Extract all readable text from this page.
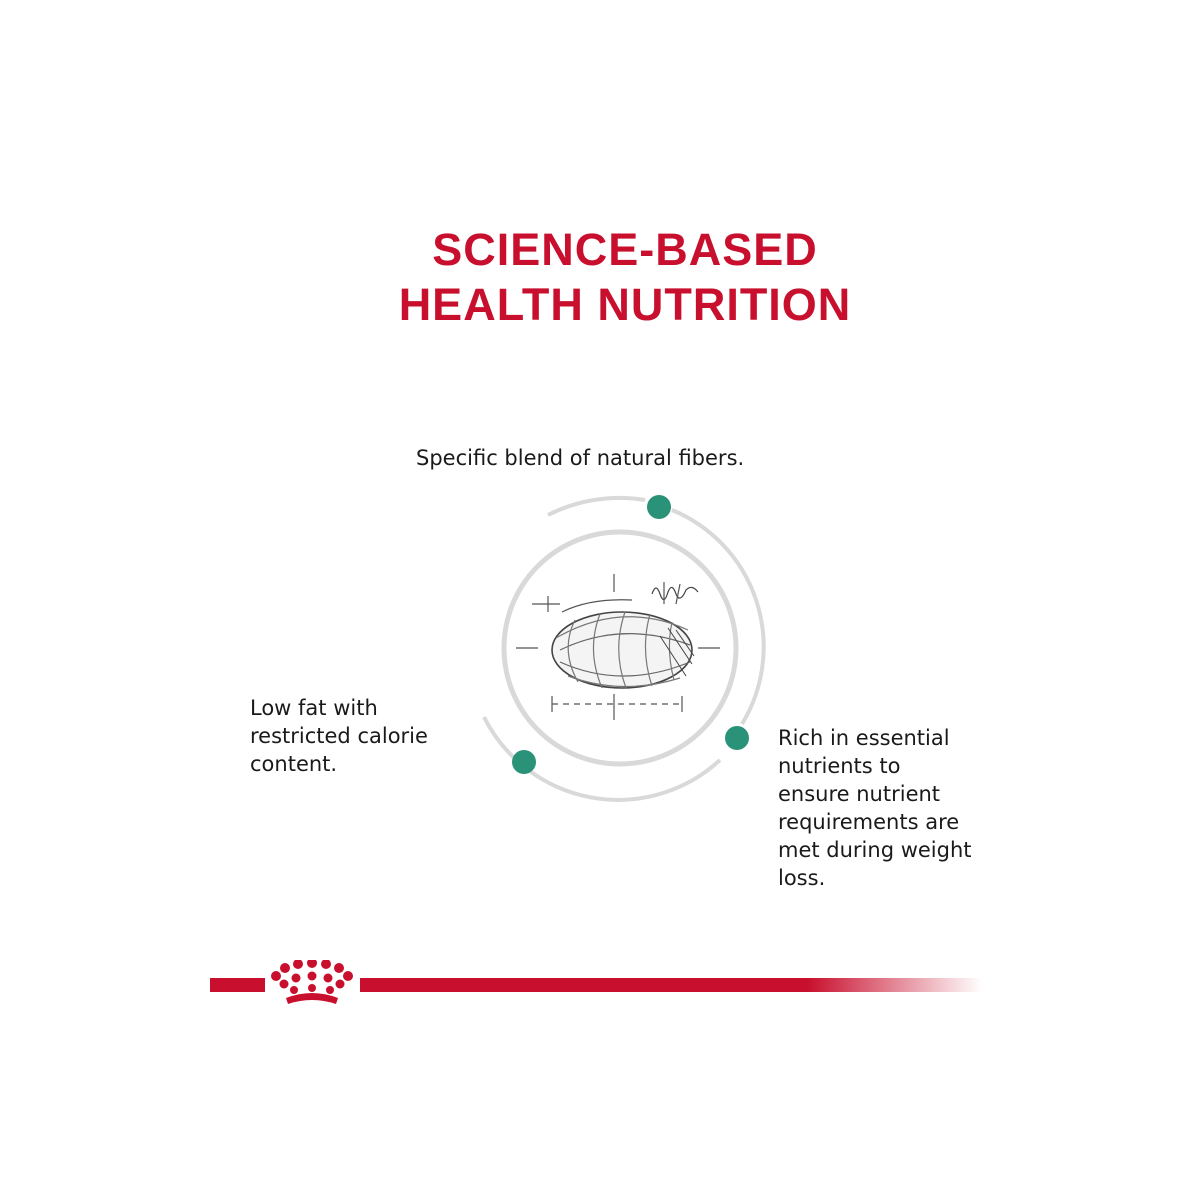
SCIENCE-BASED
HEALTH NUTRITION

Specific blend of natural fibers.

Low fat with restricted calorie content.

Rich in essential nutrients to ensure nutrient requirements are met during weight loss.
